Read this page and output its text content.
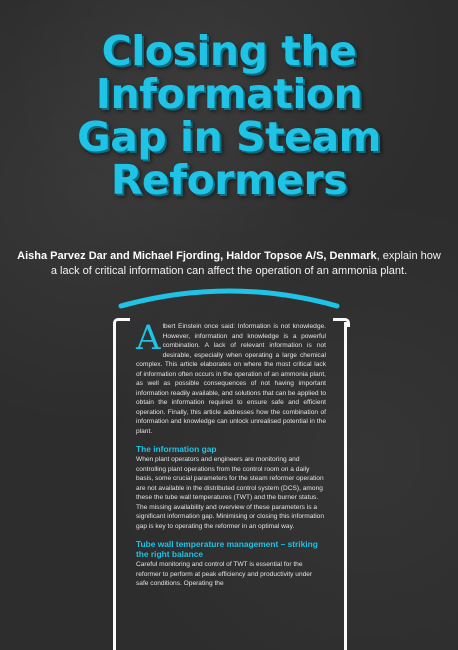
Closing the
Information
Gap in Steam
Reformers

Aisha Parvez Dar and Michael Fjording, Haldor Topsoe A/S, Denmark, explain how a lack of critical information can affect the operation of an ammonia plant.

Albert Einstein once said: Information is not knowledge. However, information and knowledge is a powerful combination. A lack of relevant information is not desirable, especially when operating a large chemical complex. This article elaborates on where the most critical lack of information often occurs in the operation of an ammonia plant, as well as possible consequences of not having important information readily available, and solutions that can be applied to obtain the information required to ensure safe and efficient operation. Finally, this article addresses how the combination of information and knowledge can unlock unrealised potential in the plant.

The information gap

When plant operators and engineers are monitoring and controlling plant operations from the control room on a daily basis, some crucial parameters for the steam reformer operation are not available in the distributed control system (DCS), among these the tube wall temperatures (TWT) and the burner status. The missing availability and overview of these parameters is a significant information gap. Minimising or closing this information gap is key to operating the reformer in an optimal way.

Tube wall temperature management – striking the right balance

Careful monitoring and control of TWT is essential for the reformer to perform at peak efficiency and productivity under safe conditions. Operating the
